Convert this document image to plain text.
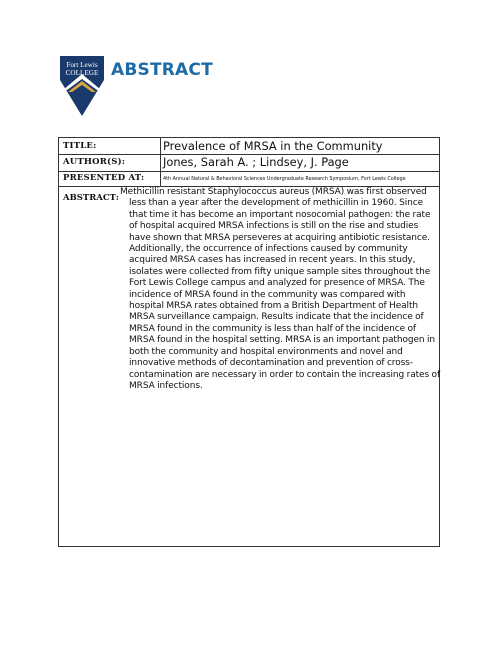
Fort Lewis
COLLEGE ABSTRACT
TITLE:	Prevalence of MRSA in the Community
AUTHOR(S):	Jones, Sarah A. ; Lindsey, J. Page
PRESENTED AT:	4th Annual Natural & Behavioral Sciences Undergraduate Research Symposium, Fort Lewis College
ABSTRACT:

Methicillin resistant Staphylococcus aureus (MRSA) was first observed
less than a year after the development of methicillin in 1960. Since that time it has become an important nosocomial pathogen: the rate of hospital acquired MRSA infections is still on the rise and studies have shown that MRSA perseveres at acquiring antibiotic resistance. Additionally, the occurrence of infections caused by community acquired MRSA cases has increased in recent years. In this study, isolates were collected from fifty unique sample sites throughout the Fort Lewis College campus and analyzed for presence of MRSA. The incidence of MRSA found in the community was compared with hospital MRSA rates obtained from a British Department of Health MRSA surveillance campaign. Results indicate that the incidence of MRSA found in the community is less than half of the incidence of MRSA found in the hospital setting. MRSA is an important pathogen in both the community and hospital environments and novel and innovative methods of decontamination and prevention of cross-contamination are necessary in order to contain the increasing rates of MRSA infections.
